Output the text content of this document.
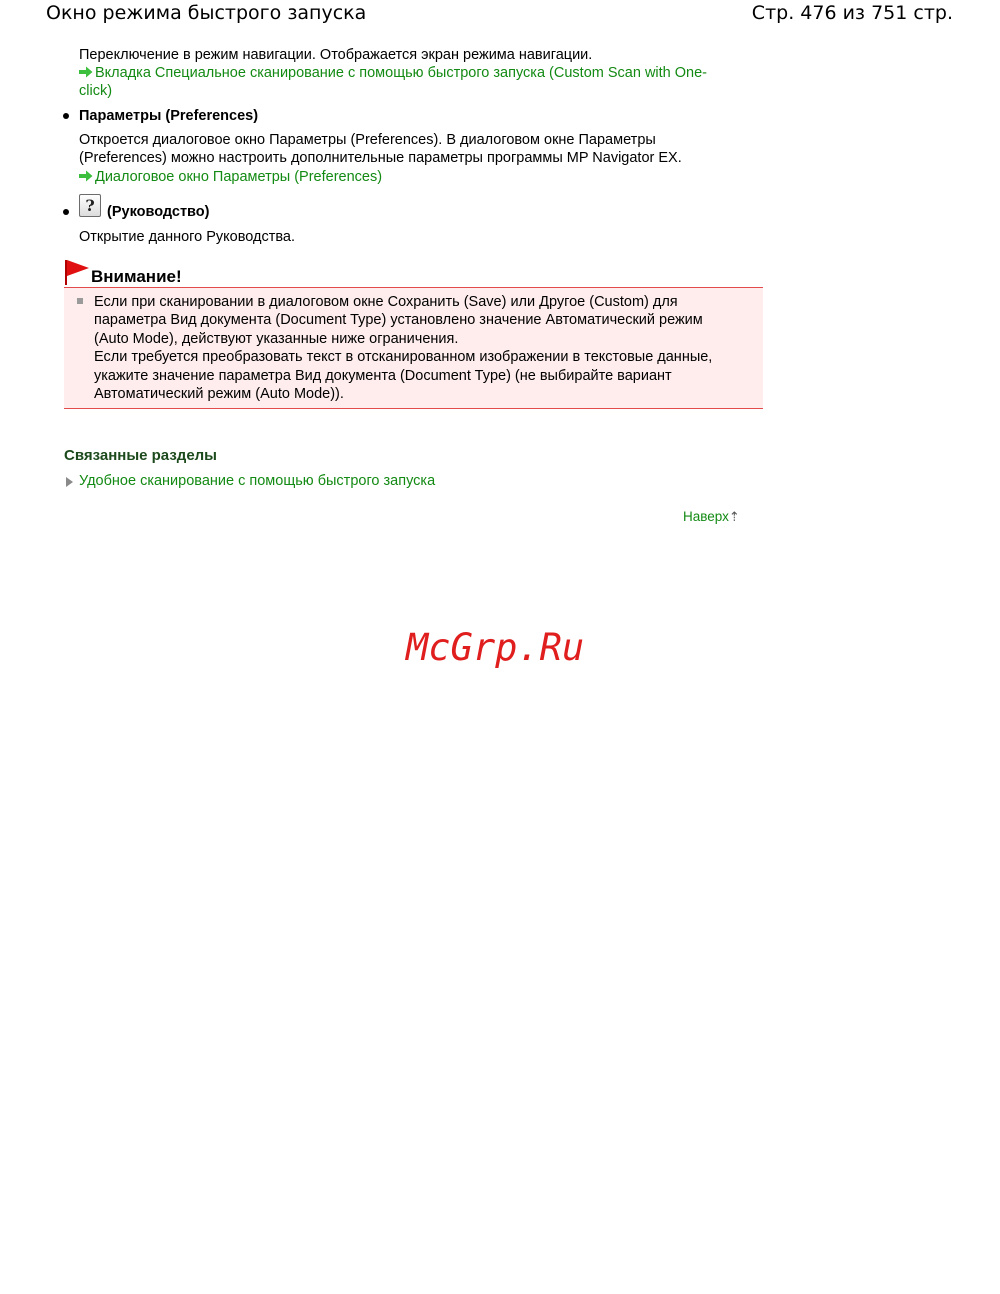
Окно режима быстрого запуска	Стр. 476 из 751 стр.
Переключение в режим навигации. Отображается экран режима навигации.
Вкладка Специальное сканирование с помощью быстрого запуска (Custom Scan with One-
click)
Параметры (Preferences)
Откроется диалоговое окно Параметры (Preferences). В диалоговом окне Параметры
(Preferences) можно настроить дополнительные параметры программы MP Navigator EX.
Диалоговое окно Параметры (Preferences)
? (Руководство)
Открытие данного Руководства.
Внимание!
Если при сканировании в диалоговом окне Сохранить (Save) или Другое (Custom) для
параметра Вид документа (Document Type) установлено значение Автоматический режим
(Auto Mode), действуют указанные ниже ограничения.
Если требуется преобразовать текст в отсканированном изображении в текстовые данные,
укажите значение параметра Вид документа (Document Type) (не выбирайте вариант
Автоматический режим (Auto Mode)).
Связанные разделы
Удобное сканирование с помощью быстрого запуска
Наверх⇡
McGrp.Ru
